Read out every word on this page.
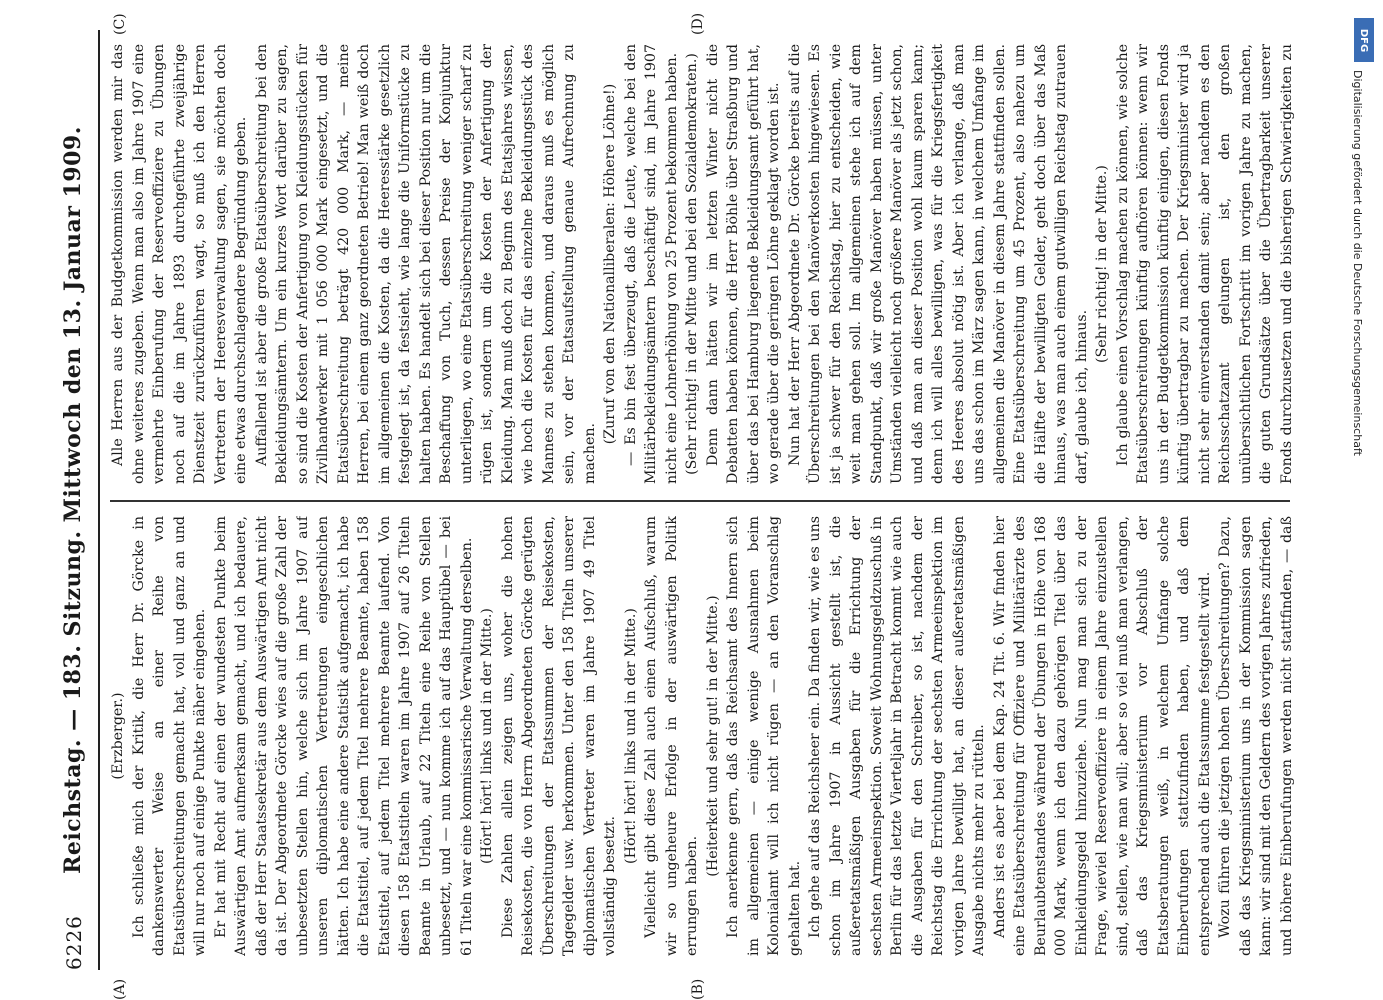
6226
Reichstag. — 183. Sitzung. Mittwoch den 13. Januar 1909.
(A)	(B)
(C)	(D)

(Erzberger.) Ich schließe mich der Kritik, die Herr Dr. Görcke in dankenswerter Weise an einer Reihe von Etatsüberschreitungen gemacht hat, voll und ganz an und will nur noch auf einige Punkte näher eingehen. Er hat mit Recht auf einen der wundesten Punkte beim Auswärtigen Amt aufmerksam gemacht, und ich bedauere, daß der Herr Staatssekretär aus dem Auswärtigen Amt nicht da ist. Der Abgeordnete Görcke wies auf die große Zahl der unbesetzten Stellen hin, welche sich im Jahre 1907 auf unseren diplomatischen Vertretungen eingeschlichen hätten. Ich habe eine andere Statistik aufgemacht, ich habe die Etatstitel, auf jedem Titel mehrere Beamte, haben 158 Etatstitel, auf jedem Titel mehrere Beamte laufend. Von diesen 158 Etatstiteln waren im Jahre 1907 auf 26 Titeln Beamte in Urlaub, auf 22 Titeln eine Reihe von Stellen unbesetzt, und — nun komme ich auf das Hauptübel — bei 61 Titeln war eine kommissarische Verwaltung derselben. (Hört! hört! links und in der Mitte.) Diese Zahlen allein zeigen uns, woher die hohen Reisekosten, die von Herrn Abgeordneten Görcke gerügten Überschreitungen der Etatssummen der Reisekosten, Tagegelder usw. herkommen. Unter den 158 Titeln unserer diplomatischen Vertreter waren im Jahre 1907 49 Titel vollständig besetzt.

(Hört! hört! links und in der Mitte.) Vielleicht gibt diese Zahl auch einen Aufschluß, warum wir so ungeheure Erfolge in der auswärtigen Politik errungen haben.

(Heiterkeit und sehr gut! in der Mitte.) Ich anerkenne gern, daß das Reichsamt des Innern sich im allgemeinen — einige wenige Ausnahmen beim Kolonialamt will ich nicht rügen — an den Voranschlag gehalten hat. Ich gehe auf das Reichsheer ein. Da finden wir, wie es uns schon im Jahre 1907 in Aussicht gestellt ist, die außeretatsmäßigen Ausgaben für die Errichtung der sechsten Armeeinspektion. Soweit Wohnungsgeldzuschuß in Berlin für das letzte Vierteljahr in Betracht kommt wie auch die Ausgaben für den Schreiber, so ist, nachdem der Reichstag die Errichtung der sechsten Armeeinspektion im vorigen Jahre bewilligt hat, an dieser außeretatsmäßigen Ausgabe nichts mehr zu rütteln. Anders ist es aber bei dem Kap. 24 Tit. 6. Wir finden hier eine Etatsüberschreitung für Offiziere und Militärärzte des Beurlaubtenstandes während der Übungen in Höhe von 168 000 Mark, wenn ich den dazu gehörigen Titel über das Einkleidungsgeld hinzuziehe. Nun mag man sich zu der Frage, wieviel Reserveoffiziere in einem Jahre einzustellen sind, stellen, wie man will; aber so viel muß man verlangen, daß das Kriegsministerium vor Abschluß der Etatsberatungen weiß, in welchem Umfange solche Einberufungen stattzufinden haben, und daß dem entsprechend auch die Etatssumme festgestellt wird. Wozu führen die jetzigen hohen Überschreitungen? Dazu, daß das Kriegsministerium uns in der Kommission sagen kann: wir sind mit den Geldern des vorigen Jahres zufrieden, und höhere Einberufungen werden nicht stattfinden, — daß

Alle Herren aus der Budgetkommission werden mir das ohne weiteres zugeben. Wenn man also im Jahre 1907 eine vermehrte Einberufung der Reserveoffiziere zu Übungen noch auf die im Jahre 1893 durchgeführte zweijährige Dienstzeit zurückzuführen wagt, so muß ich den Herren Vertretern der Heeresverwaltung sagen, sie möchten doch eine etwas durchschlagendere Begründung geben. Auffallend ist aber die große Etatsüberschreitung bei den Bekleidungsämtern. Um ein kurzes Wort darüber zu sagen, so sind die Kosten der Anfertigung von Kleidungsstücken für Zivilhandwerker mit 1 056 000 Mark eingesetzt, und die Etatsüberschreitung beträgt 420 000 Mark, — meine Herren, bei einem ganz geordneten Betrieb! Man weiß doch im allgemeinen die Kosten, da die Heeresstärke gesetzlich festgelegt ist, da festsieht, wie lange die Uniformstücke zu halten haben. Es handelt sich bei dieser Position nur um die Beschaffung von Tuch, dessen Preise der Konjunktur unterliegen, wo eine Etatsüberschreitung weniger scharf zu rügen ist, sondern um die Kosten der Anfertigung der Kleidung. Man muß doch zu Beginn des Etatsjahres wissen, wie hoch die Kosten für das einzelne Bekleidungsstück des Mannes zu stehen kommen, und daraus muß es möglich sein, vor der Etatsaufstellung genaue Aufrechnung zu machen.

(Zuruf von den Nationalliberalen: Höhere Löhne!) — Es bin fest überzeugt, daß die Leute, welche bei den Militärbekleidungsämtern beschäftigt sind, im Jahre 1907 nicht eine Lohnerhöhung von 25 Prozent bekommen haben. (Sehr richtig! in der Mitte und bei den Sozialdemokraten.) Denn dann hätten wir im letzten Winter nicht die Debatten haben können, die Herr Böhle über Straßburg und über das bei Hamburg liegende Bekleidungsamt geführt hat, wo gerade über die geringen Löhne geklagt worden ist. Nun hat der Herr Abgeordnete Dr. Görcke bereits auf die Überschreitungen bei den Manöverkosten hingewiesen. Es ist ja schwer für den Reichstag, hier zu entscheiden, wie weit man gehen soll. Im allgemeinen stehe ich auf dem Standpunkt, daß wir große Manöver haben müssen, unter Umständen vielleicht noch größere Manöver als jetzt schon, und daß man an dieser Position wohl kaum sparen kann; denn ich will alles bewilligen, was für die Kriegsfertigkeit des Heeres absolut nötig ist. Aber ich verlange, daß man uns das schon im März sagen kann, in welchem Umfange im allgemeinen die Manöver in diesem Jahre stattfinden sollen. Eine Etatsüberschreitung um 45 Prozent, also nahezu um die Hälfte der bewilligten Gelder, geht doch über das Maß hinaus, was man auch einem gutwilligen Reichstag zutrauen darf, glaube ich, hinaus.

(Sehr richtig! in der Mitte.)

Ich glaube einen Vorschlag machen zu können, wie solche Etatsüberschreitungen künftig aufhören können: wenn wir uns in der Budgetkommission künftig einigen, diesen Fonds künftig übertragbar zu machen. Der Kriegsminister wird ja nicht sehr einverstanden damit sein; aber nachdem es den Reichsschatzamt gelungen ist, den großen unübersichtlichen Fortschritt im vorigen Jahre zu machen, die guten Grundsätze über die Übertragbarkeit unserer Fonds durchzusetzen und die bisherigen Schwierigkeiten zu

DFG
Digitalisierung gefördert durch die Deutsche Forschungsgemeinschaft
